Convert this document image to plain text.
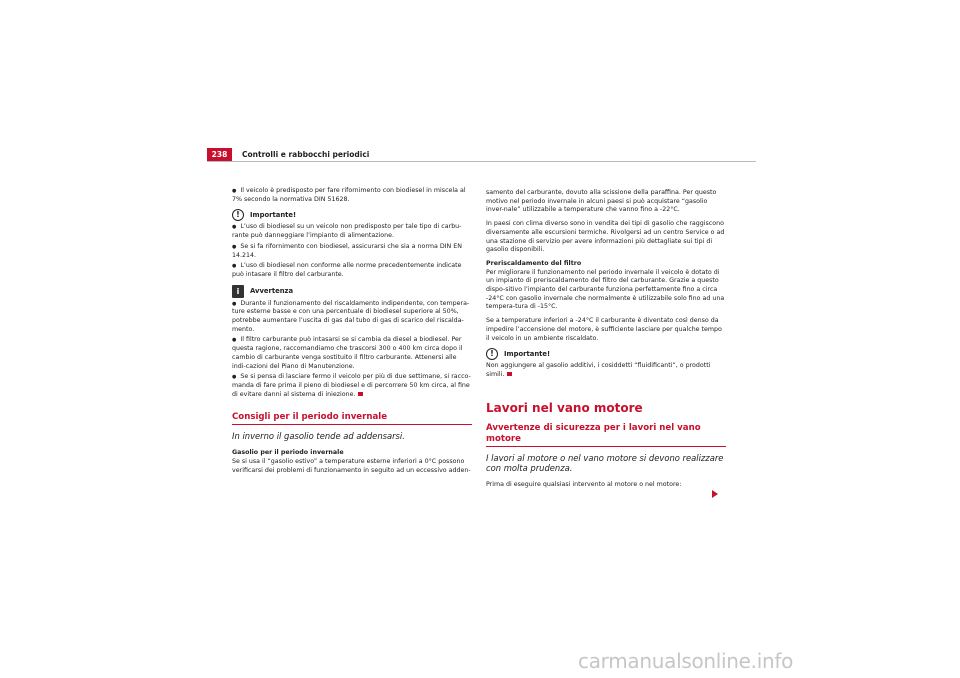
238	Controlli e rabbocchi periodici

● Il veicolo è predisposto per fare rifornimento con biodiesel in miscela al 7% secondo la normativa DIN 51628.

!	Importante!

● L’uso di biodiesel su un veicolo non predisposto per tale tipo di carbu-rante può danneggiare l’impianto di alimentazione.

● Se si fa rifornimento con biodiesel, assicurarsi che sia a norma DIN EN 14.214.

● L’uso di biodiesel non conforme alle norme precedentemente indicate può intasare il filtro del carburante.

i	Avvertenza

● Durante il funzionamento del riscaldamento indipendente, con tempera-ture esterne basse e con una percentuale di biodiesel superiore al 50%, potrebbe aumentare l’uscita di gas dal tubo di gas di scarico del riscalda-mento.

● Il filtro carburante può intasarsi se si cambia da diesel a biodiesel. Per questa ragione, raccomandiamo che trascorsi 300 o 400 km circa dopo il cambio di carburante venga sostituito il filtro carburante. Attenersi alle indi-cazioni del Piano di Manutenzione.

● Se si pensa di lasciare fermo il veicolo per più di due settimane, si racco-manda di fare prima il pieno di biodiesel e di percorrere 50 km circa, al fine di evitare danni al sistema di iniezione.

Consigli per il periodo invernale
In inverno il gasolio tende ad addensarsi.

Gasolio per il periodo invernale

Se si usa il “gasolio estivo” a temperature esterne inferiori a 0°C possono verificarsi dei problemi di funzionamento in seguito ad un eccessivo adden-

samento del carburante, dovuto alla scissione della paraffina. Per questo motivo nel periodo invernale in alcuni paesi si può acquistare “gasolio inver-nale” utilizzabile a temperature che vanno fino a -22°C.

In paesi con clima diverso sono in vendita dei tipi di gasolio che raggiscono diversamente alle escursioni termiche. Rivolgersi ad un centro Service o ad una stazione di servizio per avere informazioni più dettagliate sui tipi di gasolio disponibili.

Preriscaldamento del filtro

Per migliorare il funzionamento nel periodo invernale il veicolo è dotato di un impianto di preriscaldamento del filtro del carburante. Grazie a questo dispo-sitivo l’impianto del carburante funziona perfettamente fino a circa -24°C con gasolio invernale che normalmente è utilizzabile solo fino ad una tempera-tura di -15°C.

Se a temperature inferiori a -24°C il carburante è diventato così denso da impedire l’accensione del motore, è sufficiente lasciare per qualche tempo il veicolo in un ambiente riscaldato.

!	Importante!

Non aggiungere al gasolio additivi, i cosiddetti “fluidificanti”, o prodotti simili.

Lavori nel vano motore
Avvertenze di sicurezza per i lavori nel vano motore
I lavori al motore o nel vano motore si devono realizzare con molta prudenza.

Prima di eseguire qualsiasi intervento al motore o nel motore:

carmanualsonline.info
